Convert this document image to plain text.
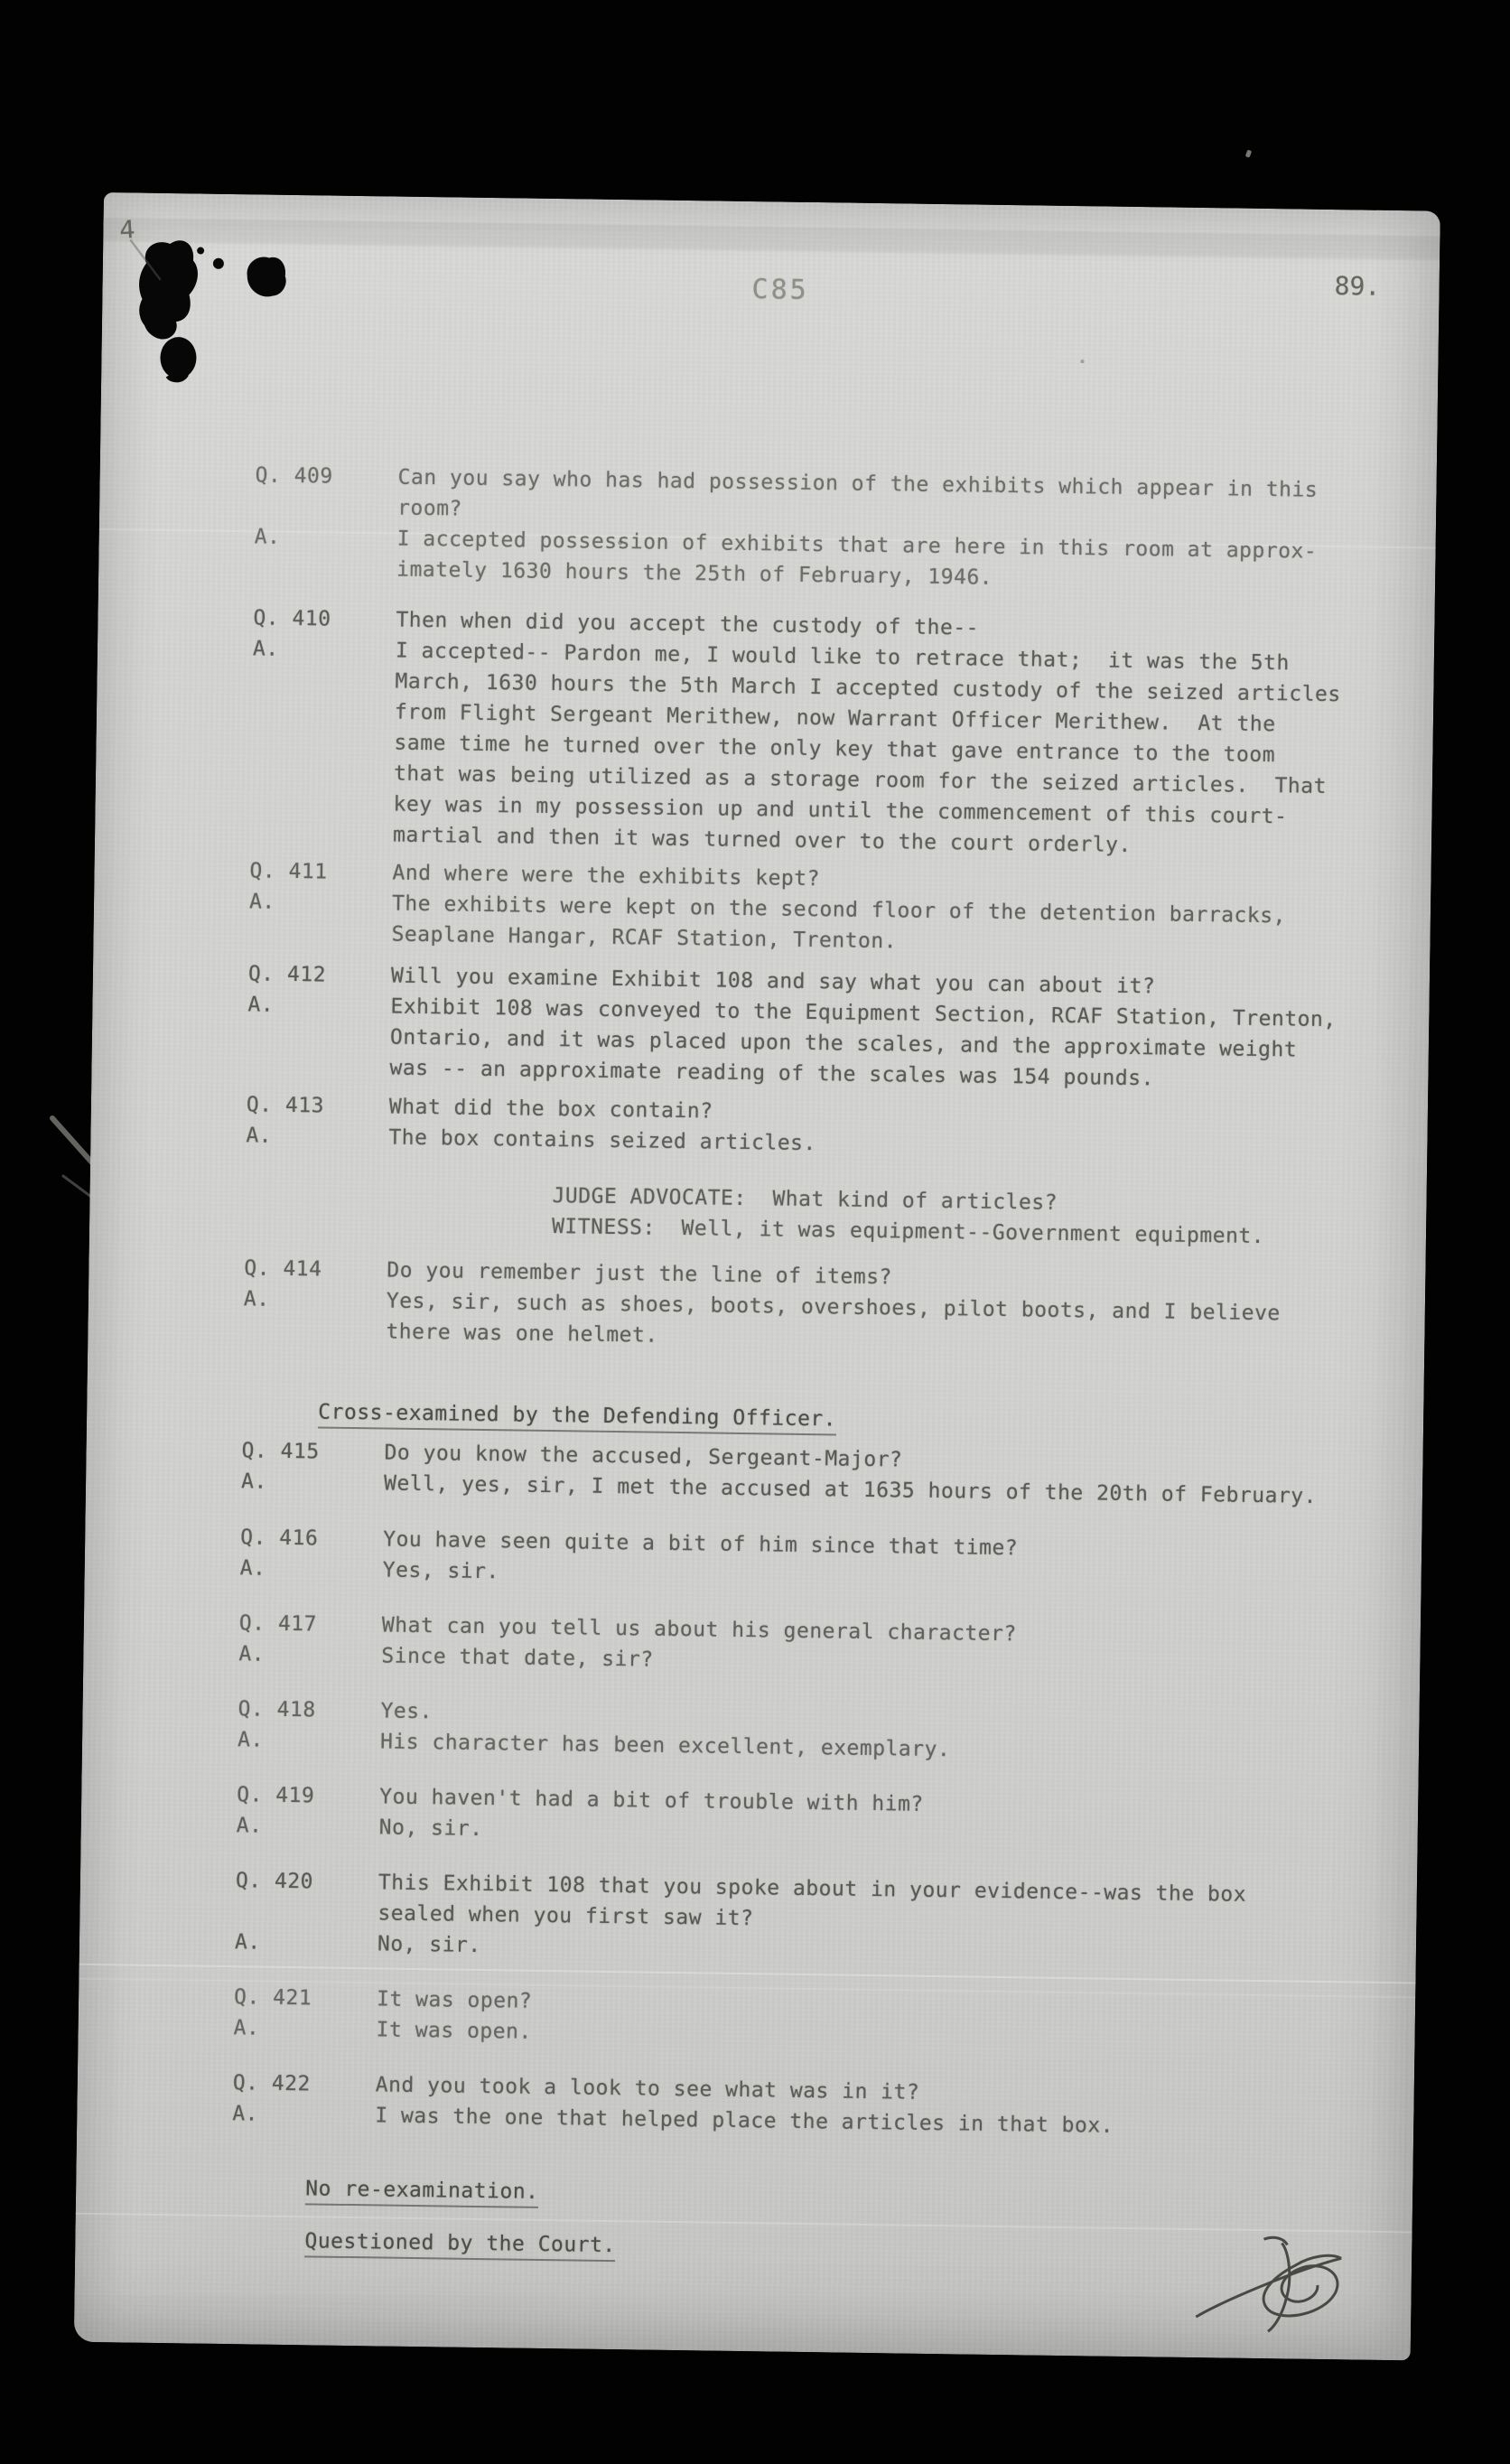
4
C85	89.
Q. 409	Can you say who has had possession of the exhibits which appear in this
room?
A.	I accepted possession of exhibits that are here in this room at approx-
imately 1630 hours the 25th of February, 1946.
Q. 410	Then when did you accept the custody of the--
A.	I accepted-- Pardon me, I would like to retrace that;  it was the 5th
March, 1630 hours the 5th March I accepted custody of the seized articles
from Flight Sergeant Merithew, now Warrant Officer Merithew.  At the
same time he turned over the only key that gave entrance to the toom
that was being utilized as a storage room for the seized articles.  That
key was in my possession up and until the commencement of this court-
martial and then it was turned over to the court orderly.
Q. 411	And where were the exhibits kept?
A.	The exhibits were kept on the second floor of the detention barracks,
Seaplane Hangar, RCAF Station, Trenton.
Q. 412	Will you examine Exhibit 108 and say what you can about it?
A.	Exhibit 108 was conveyed to the Equipment Section, RCAF Station, Trenton,
Ontario, and it was placed upon the scales, and the approximate weight
was -- an approximate reading of the scales was 154 pounds.
Q. 413	What did the box contain?
A.	The box contains seized articles.
Q. 414	Do you remember just the line of items?
A.	Yes, sir, such as shoes, boots, overshoes, pilot boots, and I believe
there was one helmet.
Q. 415	Do you know the accused, Sergeant-Major?
A.	Well, yes, sir, I met the accused at 1635 hours of the 20th of February.
Q. 416	You have seen quite a bit of him since that time?
A.	Yes, sir.
Q. 417	What can you tell us about his general character?
A.	Since that date, sir?
Q. 418	Yes.
A.	His character has been excellent, exemplary.
Q. 419	You haven't had a bit of trouble with him?
A.	No, sir.
Q. 420	This Exhibit 108 that you spoke about in your evidence--was the box
sealed when you first saw it?
A.	No, sir.
Q. 421	It was open?
A.	It was open.
Q. 422	And you took a look to see what was in it?
A.	I was the one that helped place the articles in that box.
JUDGE ADVOCATE:  What kind of articles?
WITNESS:  Well, it was equipment--Government equipment.

Cross-examined by the Defending Officer.

No re-examination.

Questioned by the Court.
